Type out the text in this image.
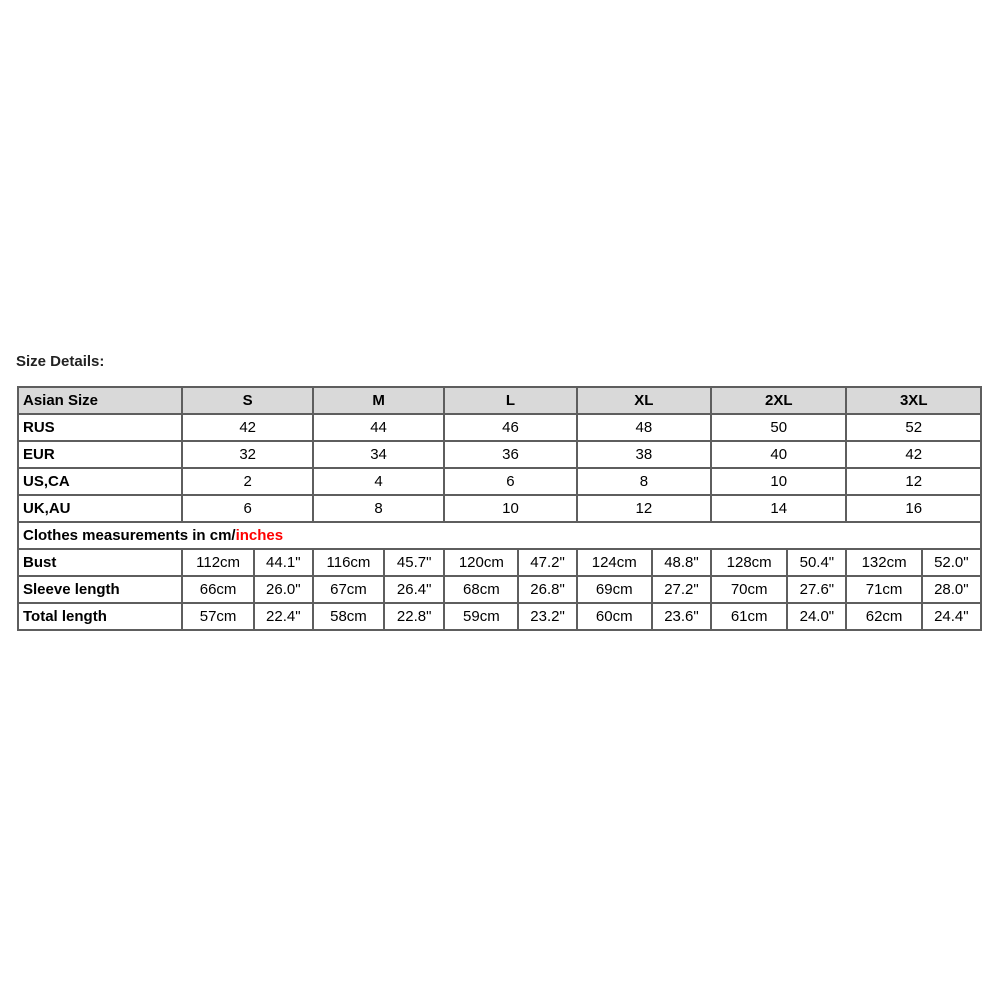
Size Details:
Asian Size	S		M		L		XL		2XL		3XL	
RUS	42		44		46		48		50		52	
EUR	32		34		36		38		40		42	
US,CA	2		4		6		8		10		12	
UK,AU	6		8		10		12		14		16	
Clothes measurements in cm/inches												
Bust	112cm	44.1"	116cm	45.7"	120cm	47.2"	124cm	48.8"	128cm	50.4"	132cm	52.0"
Sleeve length	66cm	26.0"	67cm	26.4"	68cm	26.8"	69cm	27.2"	70cm	27.6"	71cm	28.0"
Total length	57cm	22.4"	58cm	22.8"	59cm	23.2"	60cm	23.6"	61cm	24.0"	62cm	24.4"
